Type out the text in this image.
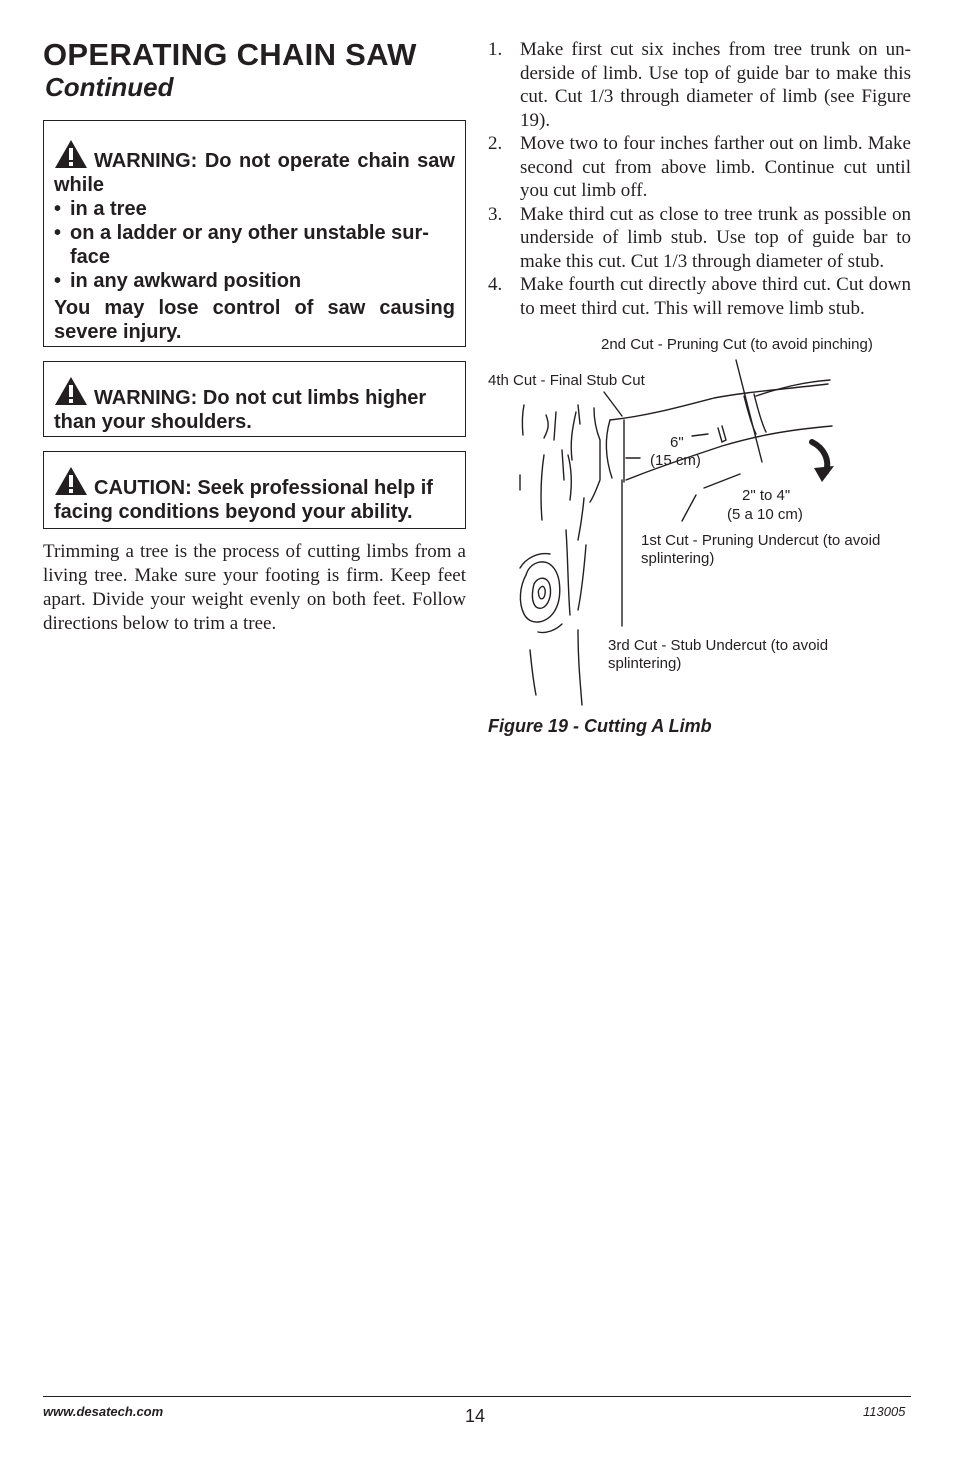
OPERATING CHAIN SAW
Continued
WARNING: Do not operate chain saw while
• in a tree
• on a ladder or any other unstable sur-face
• in any awkward position
You may lose control of saw causing severe injury.
WARNING: Do not cut limbs higher than your shoulders.
CAUTION: Seek professional help if facing conditions beyond your ability.

Trimming a tree is the process of cutting limbs from a living tree. Make sure your footing is firm. Keep feet apart. Divide your weight evenly on both feet. Follow directions below to trim a tree.

1. Make first cut six inches from tree trunk on un-derside of limb. Use top of guide bar to make this cut. Cut 1/3 through diameter of limb (see Figure 19).
2. Move two to four inches farther out on limb. Make second cut from above limb. Continue cut until you cut limb off.
3. Make third cut as close to tree trunk as possible on underside of limb stub. Use top of guide bar to make this cut. Cut 1/3 through diameter of stub.
4. Make fourth cut directly above third cut. Cut down to meet third cut. This will remove limb stub.
2nd Cut - Pruning Cut (to avoid pinching)
4th Cut - Final Stub Cut
6"
(15 cm)
2" to 4"
(5 a 10 cm)
1st Cut - Pruning Undercut (to avoid
splintering)
3rd Cut - Stub Undercut (to avoid
splintering)
Figure 19 - Cutting A Limb
www.desatech.com	14	113005
